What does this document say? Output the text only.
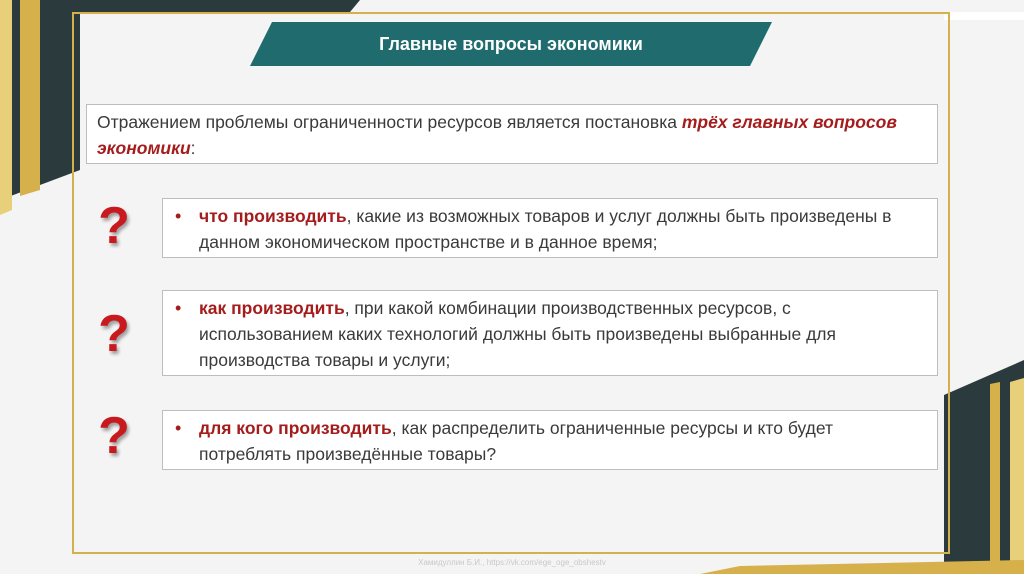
Главные вопросы экономики
Отражением проблемы ограниченности ресурсов является постановка трёх главных вопросов экономики:
?	• что производить, какие из возможных товаров и услуг должны быть произведены в данном экономическом пространстве и в данное время;
?	• как производить, при какой комбинации производственных ресурсов, с использованием каких технологий должны быть произведены выбранные для производства товары и услуги;
?	• для кого производить, как распределить ограниченные ресурсы и кто будет потреблять произведённые товары?
Хамидуллин Б.И., https://vk.com/ege_oge_obshestv
